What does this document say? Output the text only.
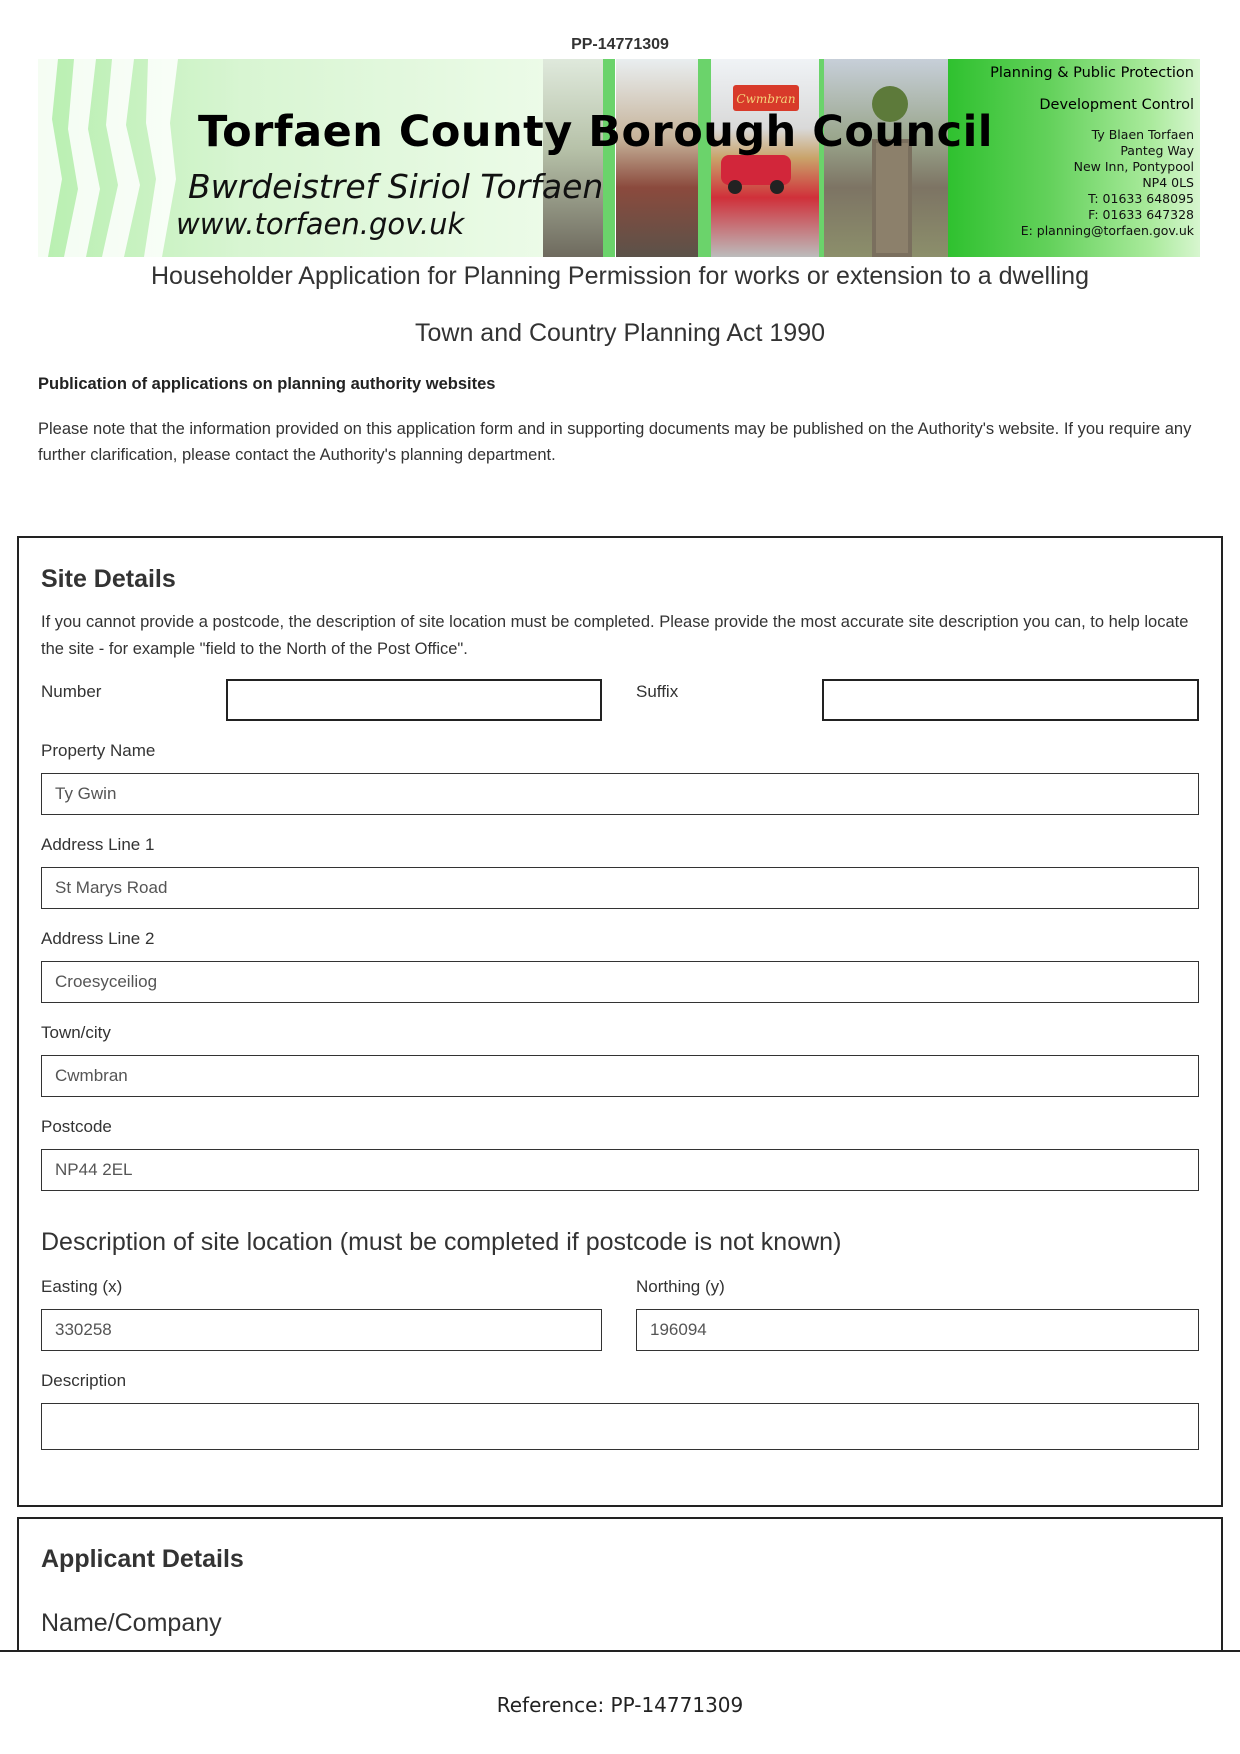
PP-14771309
Cwmbran
Torfaen County Borough Council
Bwrdeistref Siriol Torfaen
www.torfaen.gov.uk
Planning & Public Protection
Development Control
Ty Blaen Torfaen
Panteg Way
New Inn, Pontypool
NP4 0LS
T: 01633 648095
F: 01633 647328
E: planning@torfaen.gov.uk
Householder Application for Planning Permission for works or extension to a dwelling
Town and Country Planning Act 1990
Publication of applications on planning authority websites
Please note that the information provided on this application form and in supporting documents may be published on the Authority's website. If you require any further clarification, please contact the Authority's planning department.
Site Details
If you cannot provide a postcode, the description of site location must be completed. Please provide the most accurate site description you can, to help locate the site - for example "field to the North of the Post Office".
Number	Suffix
Property Name
Ty Gwin
Address Line 1
St Marys Road
Address Line 2
Croesyceiliog
Town/city
Cwmbran
Postcode
NP44 2EL
Description of site location (must be completed if postcode is not known)
Easting (x)
330258
Northing (y)
196094
Description
Applicant Details
Name/Company
Reference: PP-14771309
